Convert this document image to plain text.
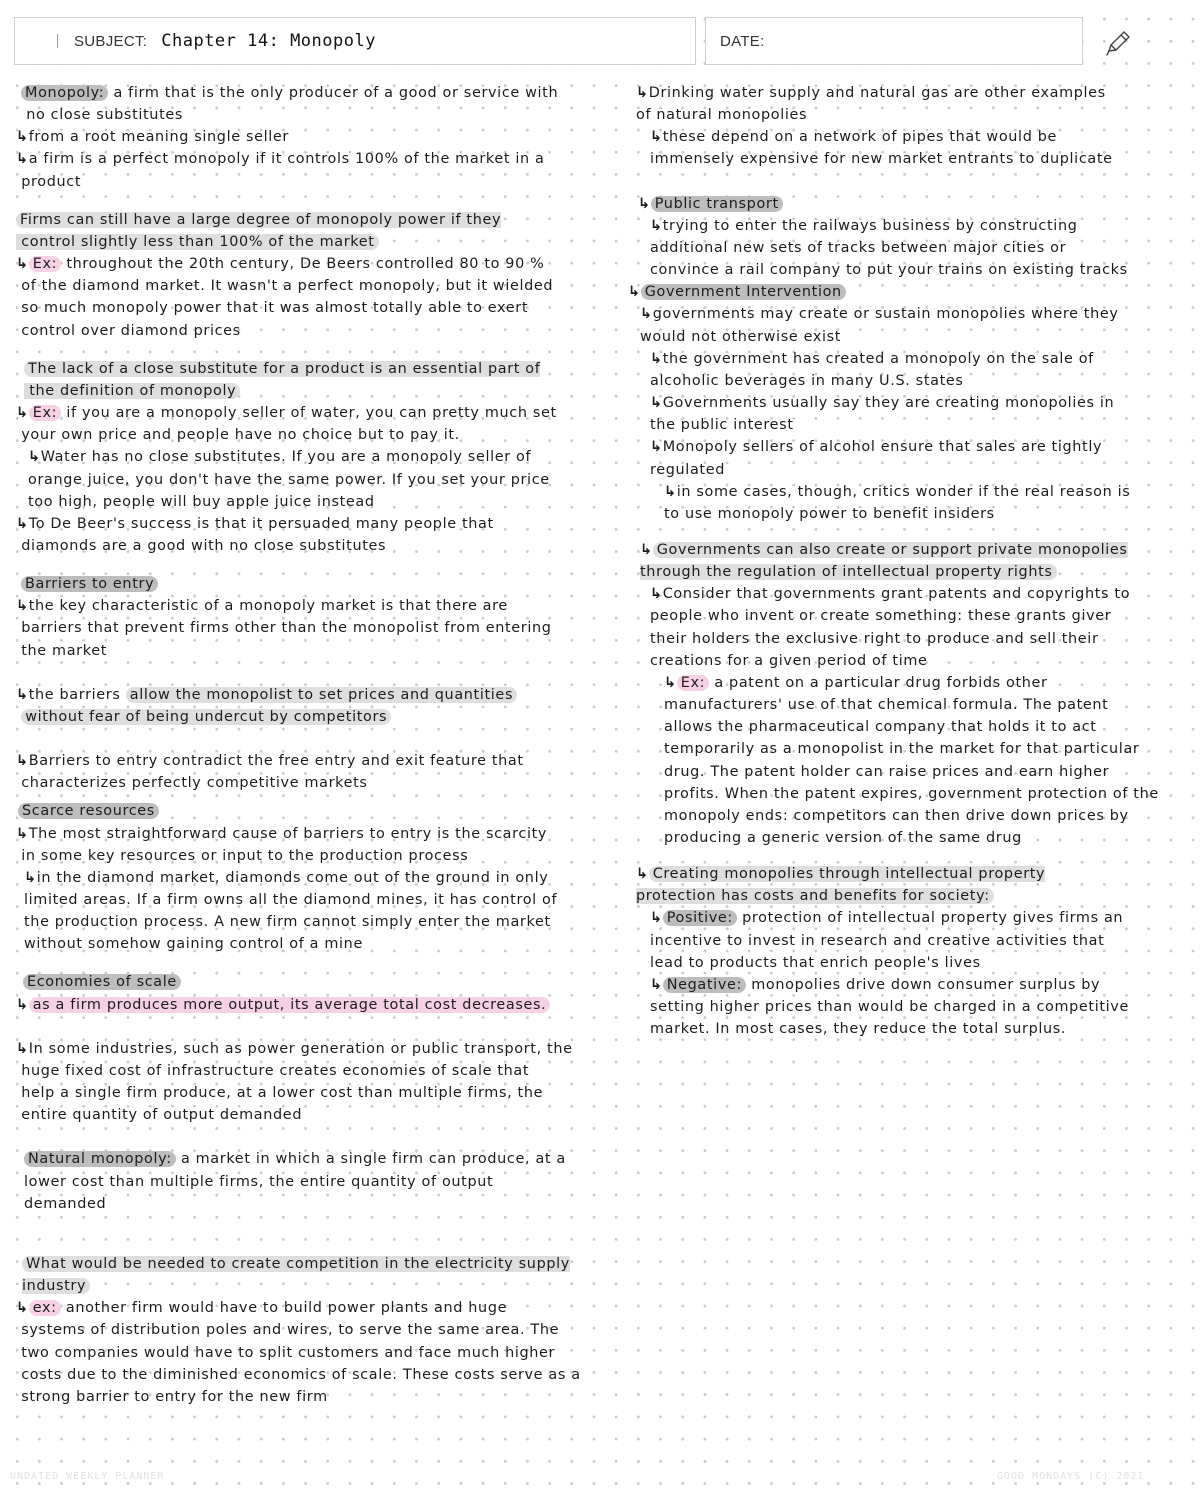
SUBJECT: Chapter 14: Monopoly	DATE:
Monopoly: a firm that is the only producer of a good or service with
no close substitutes
↳from a root meaning single seller
↳a firm is a perfect monopoly if it controls 100% of the market in a
product
Firms can still have a large degree of monopoly power if they
control slightly less than 100% of the market
↳ Ex: throughout the 20th century, De Beers controlled 80 to 90 %
of the diamond market. It wasn't a perfect monopoly, but it wielded
so much monopoly power that it was almost totally able to exert
control over diamond prices
The lack of a close substitute for a product is an essential part of
the definition of monopoly
↳ Ex: if you are a monopoly seller of water, you can pretty much set
your own price and people have no choice but to pay it.
↳Water has no close substitutes. If you are a monopoly seller of
orange juice, you don't have the same power. If you set your price
too high, people will buy apple juice instead
↳To De Beer's success is that it persuaded many people that
diamonds are a good with no close substitutes
Barriers to entry
↳the key characteristic of a monopoly market is that there are
barriers that prevent firms other than the monopolist from entering
the market
↳the barriers allow the monopolist to set prices and quantities
without fear of being undercut by competitors
↳Barriers to entry contradict the free entry and exit feature that
characterizes perfectly competitive markets
Scarce resources
↳The most straightforward cause of barriers to entry is the scarcity
in some key resources or input to the production process
↳in the diamond market, diamonds come out of the ground in only
limited areas. If a firm owns all the diamond mines, it has control of
the production process. A new firm cannot simply enter the market
without somehow gaining control of a mine
Economies of scale
↳ as a firm produces more output, its average total cost decreases.
↳In some industries, such as power generation or public transport, the
huge fixed cost of infrastructure creates economies of scale that
help a single firm produce, at a lower cost than multiple firms, the
entire quantity of output demanded
Natural monopoly: a market in which a single firm can produce, at a
lower cost than multiple firms, the entire quantity of output
demanded
What would be needed to create competition in the electricity supply
industry
↳ ex: another firm would have to build power plants and huge
systems of distribution poles and wires, to serve the same area. The
two companies would have to split customers and face much higher
costs due to the diminished economics of scale. These costs serve as a
strong barrier to entry for the new firm
↳Drinking water supply and natural gas are other examples
of natural monopolies
↳these depend on a network of pipes that would be
immensely expensive for new market entrants to duplicate
↳ Public transport
↳trying to enter the railways business by constructing
additional new sets of tracks between major cities or
convince a rail company to put your trains on existing tracks
↳ Government Intervention
↳governments may create or sustain monopolies where they
would not otherwise exist
↳the government has created a monopoly on the sale of
alcoholic beverages in many U.S. states
↳Governments usually say they are creating monopolies in
the public interest
↳Monopoly sellers of alcohol ensure that sales are tightly
regulated
↳in some cases, though, critics wonder if the real reason is
to use monopoly power to benefit insiders
↳ Governments can also create or support private monopolies
through the regulation of intellectual property rights
↳Consider that governments grant patents and copyrights to
people who invent or create something: these grants giver
their holders the exclusive right to produce and sell their
creations for a given period of time
↳ Ex: a patent on a particular drug forbids other
manufacturers' use of that chemical formula. The patent
allows the pharmaceutical company that holds it to act
temporarily as a monopolist in the market for that particular
drug. The patent holder can raise prices and earn higher
profits. When the patent expires, government protection of the
monopoly ends: competitors can then drive down prices by
producing a generic version of the same drug
↳ Creating monopolies through intellectual property
protection has costs and benefits for society:
↳ Positive: protection of intellectual property gives firms an
incentive to invest in research and creative activities that
lead to products that enrich people's lives
↳ Negative: monopolies drive down consumer surplus by
setting higher prices than would be charged in a competitive
market. In most cases, they reduce the total surplus.
UNDATED WEEKLY PLANNER	GOOD MONDAYS (C) 2021
